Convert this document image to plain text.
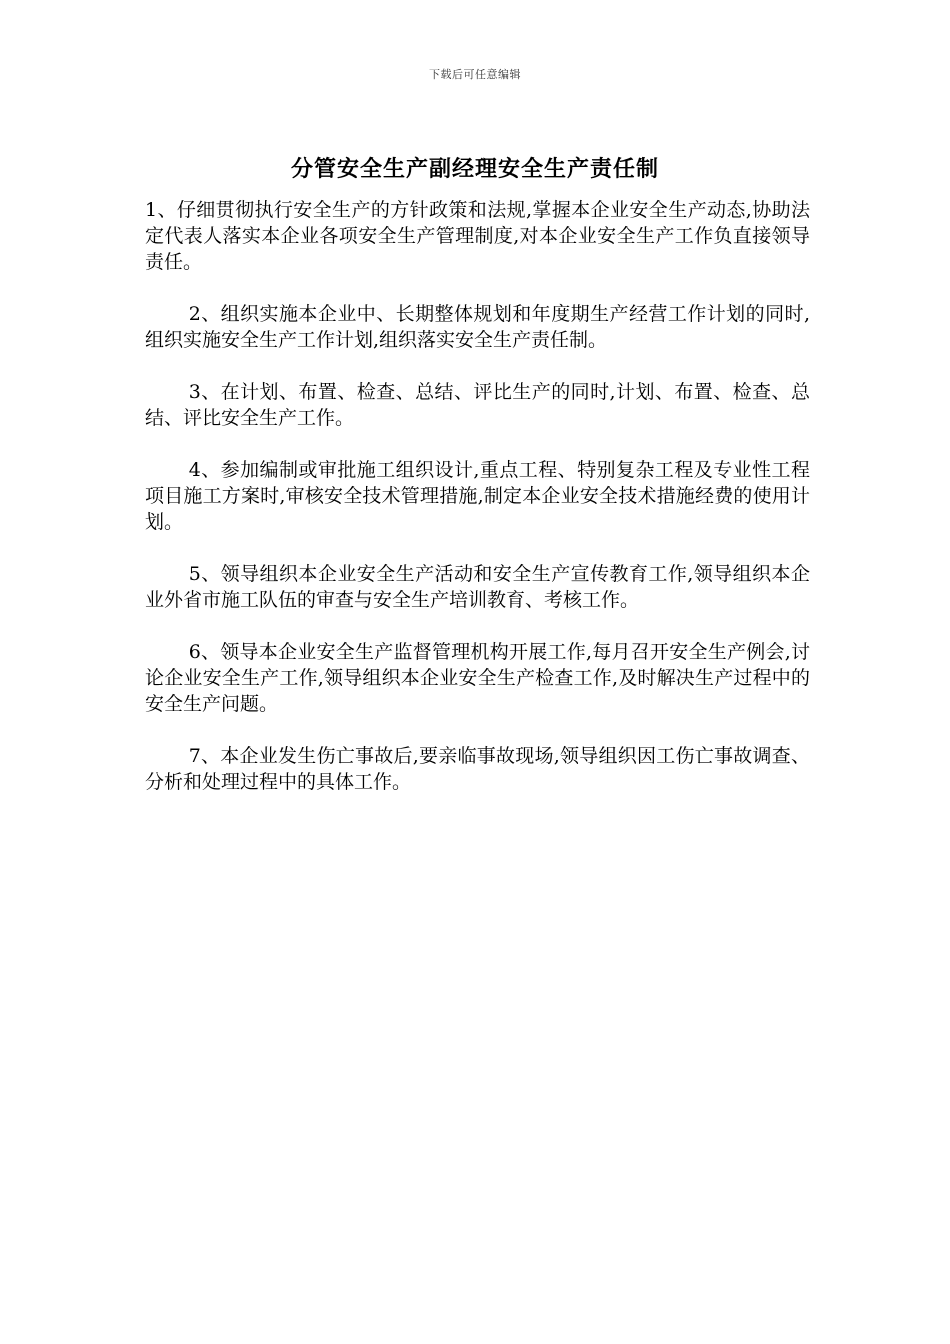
下载后可任意编辑
分管安全生产副经理安全生产责任制

1、仔细贯彻执行安全生产的方针政策和法规,掌握本企业安全生产动态,协助法定代表人落实本企业各项安全生产管理制度,对本企业安全生产工作负直接领导责任。

2、组织实施本企业中、长期整体规划和年度期生产经营工作计划的同时,组织实施安全生产工作计划,组织落实安全生产责任制。

3、在计划、布置、检查、总结、评比生产的同时,计划、布置、检查、总结、评比安全生产工作。

4、参加编制或审批施工组织设计,重点工程、特别复杂工程及专业性工程项目施工方案时,审核安全技术管理措施,制定本企业安全技术措施经费的使用计划。

5、领导组织本企业安全生产活动和安全生产宣传教育工作,领导组织本企业外省市施工队伍的审查与安全生产培训教育、考核工作。

6、领导本企业安全生产监督管理机构开展工作,每月召开安全生产例会,讨论企业安全生产工作,领导组织本企业安全生产检查工作,及时解决生产过程中的安全生产问题。

7、本企业发生伤亡事故后,要亲临事故现场,领导组织因工伤亡事故调查、分析和处理过程中的具体工作。
